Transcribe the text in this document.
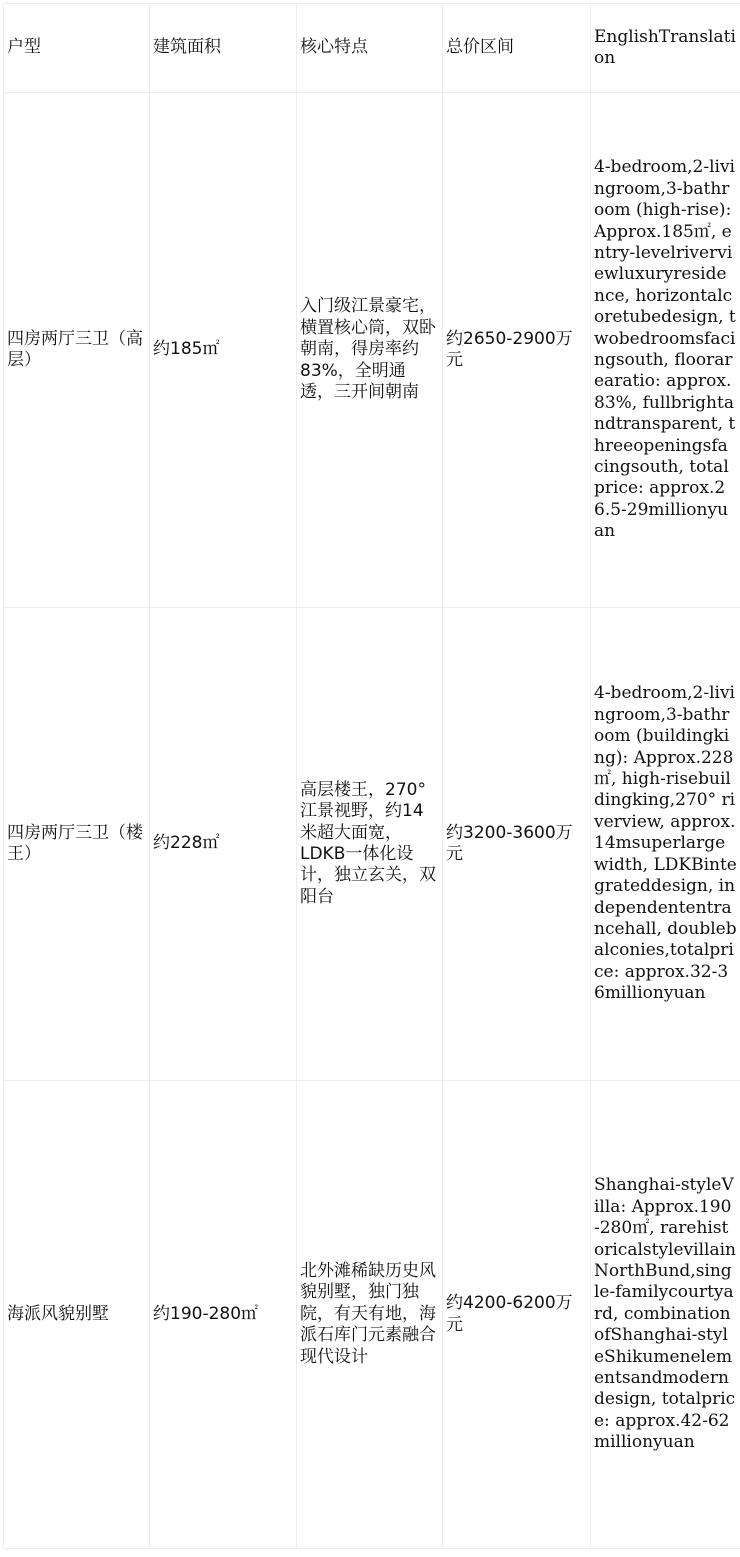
户型	建筑面积	核心特点	总价区间	EnglishTranslation
四房两厅三卫（高层）	约185㎡	入门级江景豪宅，横置核心筒，双卧朝南，得房率约83%，全明通透，三开间朝南	约2650-2900万元	4-bedroom,2-livingroom,3-bathroom (high-rise): Approx.185㎡, entry-levelriverviewluxuryresidence, horizontalcoretubedesign, twobedroomsfacingsouth, floorarearatio: approx.83%, fullbrightandtransparent, threeopeningsfacingsouth, totalprice: approx.26.5-29millionyuan
四房两厅三卫（楼王）	约228㎡	高层楼王，270°江景视野，约14米超大面宽，LDKB一体化设计，独立玄关，双阳台	约3200-3600万元	4-bedroom,2-livingroom,3-bathroom (buildingking): Approx.228㎡, high-risebuildingking,270° riverview, approx. 14msuperlargewidth, LDKBintegrateddesign, independententrancehall, doublebalconies,totalprice: approx.32-36millionyuan
海派风貌别墅	约190-280㎡	北外滩稀缺历史风貌别墅，独门独院，有天有地，海派石库门元素融合现代设计	约4200-6200万元	Shanghai-styleVilla: Approx.190-280㎡, rarehistoricalstylevillainNorthBund,single-familycourtyard, combinationofShanghai-styleShikumenelementsandmoderndesign, totalprice: approx.42-62millionyuan
